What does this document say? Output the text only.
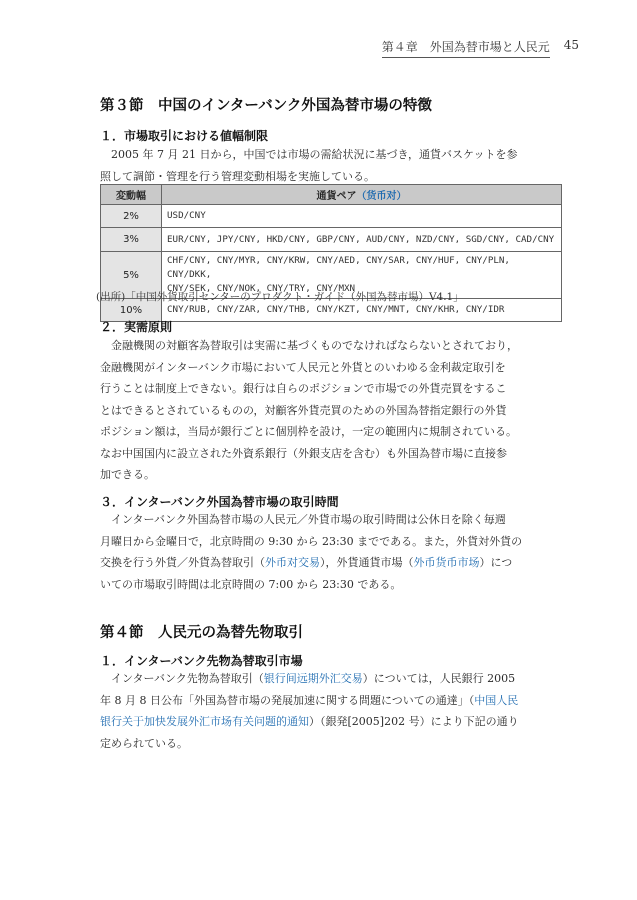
第４章　外国為替市場と人民元 45
第３節　中国のインターバンク外国為替市場の特徴
１．市場取引における値幅制限
2005 年 7 月 21 日から，中国では市場の需給状況に基づき，通貨バスケットを参
照して調節・管理を行う管理変動相場を実施している。
変動幅	通貨ペア（货币对）
2%	USD/CNY

3%	EUR/CNY, JPY/CNY, HKD/CNY, GBP/CNY, AUD/CNY, NZD/CNY, SGD/CNY, CAD/CNY

5%	CHF/CNY, CNY/MYR, CNY/KRW, CNY/AED, CNY/SAR, CNY/HUF, CNY/PLN, CNY/DKK,
CNY/SEK, CNY/NOK, CNY/TRY, CNY/MXN

10%	CNY/RUB, CNY/ZAR, CNY/THB, CNY/KZT, CNY/MNT, CNY/KHR, CNY/IDR
(出所)「中国外貨取引センターのプロダクト・ガイド（外国為替市場）V4.1」
２．実需原則
金融機関の対顧客為替取引は実需に基づくものでなければならないとされており，
金融機関がインターバンク市場において人民元と外貨とのいわゆる金利裁定取引を
行うことは制度上できない。銀行は自らのポジションで市場での外貨売買をするこ
とはできるとされているものの，対顧客外貨売買のための外国為替指定銀行の外貨
ポジション額は，当局が銀行ごとに個別枠を設け，一定の範囲内に規制されている。
なお中国国内に設立された外資系銀行（外銀支店を含む）も外国為替市場に直接参
加できる。
３．インターバンク外国為替市場の取引時間
インターバンク外国為替市場の人民元／外貨市場の取引時間は公休日を除く毎週
月曜日から金曜日で，北京時間の 9:30 から 23:30 までである。また，外貨対外貨の
交換を行う外貨／外貨為替取引（外币对交易），外貨通貨市場（外币货币市场）につ
いての市場取引時間は北京時間の 7:00 から 23:30 である。
第４節　人民元の為替先物取引
１．インターバンク先物為替取引市場
インターバンク先物為替取引（银行间远期外汇交易）については，人民銀行 2005
年 8 月 8 日公布「外国為替市場の発展加速に関する問題についての通達」（中国人民
银行关于加快发展外汇市场有关问题的通知）（銀発[2005]202 号）により下記の通り
定められている。
